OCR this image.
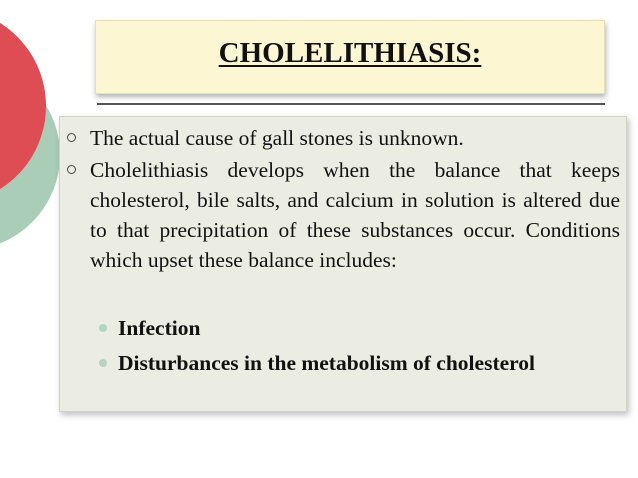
CHOLELITHIASIS:
The actual cause of gall stones is unknown.
Cholelithiasis develops when the balance that keeps cholesterol, bile salts, and calcium in solution is altered due to that precipitation of these substances occur. Conditions which upset these balance includes:
Infection
Disturbances in the metabolism of cholesterol
